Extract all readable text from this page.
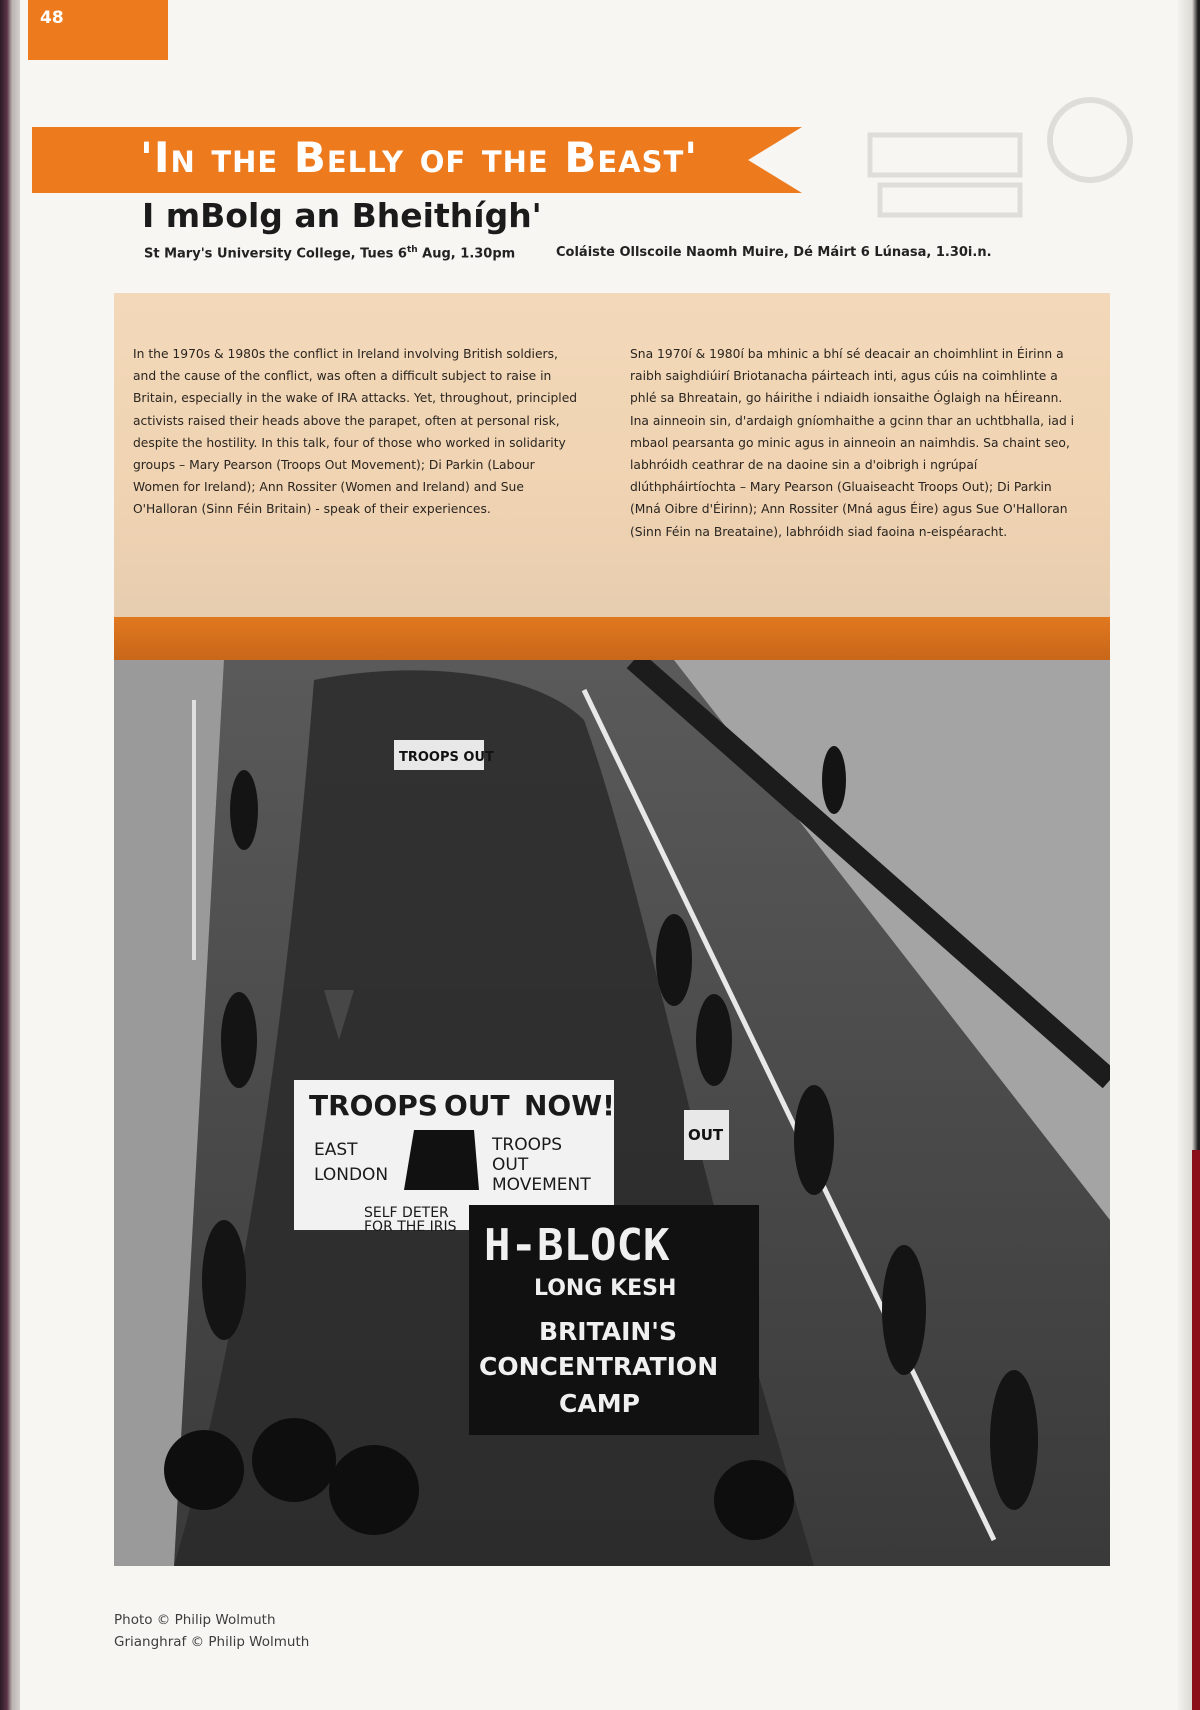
48
'In the Belly of the Beast'
I mBolg an Bheithígh'
St Mary's University College, Tues 6th Aug, 1.30pm	Coláiste Ollscoile Naomh Muire, Dé Máirt 6 Lúnasa, 1.30i.n.
In the 1970s & 1980s the conflict in Ireland involving British soldiers, and the cause of the conflict, was often a difficult subject to raise in Britain, especially in the wake of IRA attacks. Yet, throughout, principled activists raised their heads above the parapet, often at personal risk, despite the hostility. In this talk, four of those who worked in solidarity groups – Mary Pearson (Troops Out Movement); Di Parkin (Labour Women for Ireland); Ann Rossiter (Women and Ireland) and Sue O'Halloran (Sinn Féin Britain) - speak of their experiences.
Sna 1970í & 1980í ba mhinic a bhí sé deacair an choimhlint in Éirinn a raibh saighdiúirí Briotanacha páirteach inti, agus cúis na coimhlinte a phlé sa Bhreatain, go háirithe i ndiaidh ionsaithe Óglaigh na hÉireann. Ina ainneoin sin, d'ardaigh gníomhaithe a gcinn thar an uchtbhalla, iad i mbaol pearsanta go minic agus in ainneoin an naimhdis. Sa chaint seo, labhróidh ceathrar de na daoine sin a d'oibrigh i ngrúpaí dlúthpháirtíochta – Mary Pearson (Gluaiseacht Troops Out); Di Parkin (Mná Oibre d'Éirinn); Ann Rossiter (Mná agus Éire) agus Sue O'Halloran (Sinn Féin na Breataine), labhróidh siad faoina n-eispéaracht.
TROOPS OUT NOW!
EAST
LONDON
TROOPS
OUT
MOVEMENT
SELF DETER
FOR THE IRIS H-BLOCK
LONG KESH
BRITAIN'S
CONCENTRATION
CAMP
TROOPS OUT
OUT
Photo © Philip Wolmuth
Grianghraf © Philip Wolmuth
